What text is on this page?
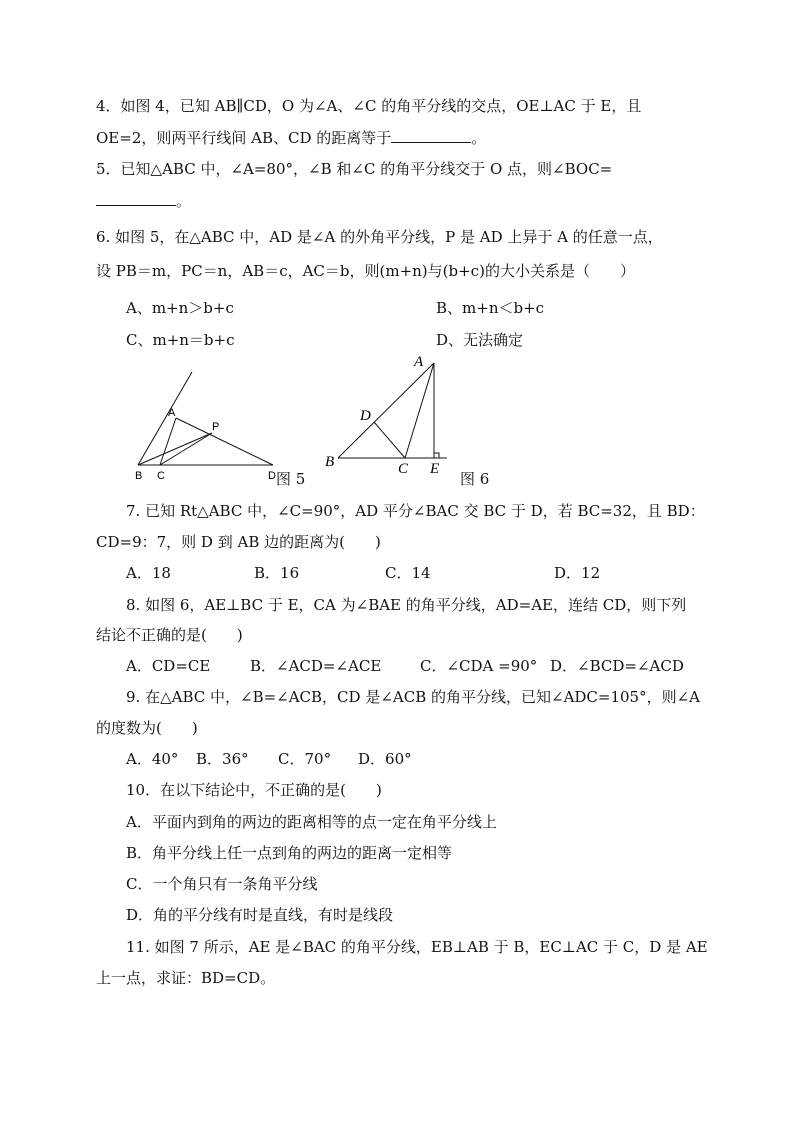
4．如图 4，已知 AB∥CD，O 为∠A、∠C 的角平分线的交点，OE⊥AC 于 E，且
OE=2，则两平行线间 AB、CD 的距离等于	。
5．已知△ABC 中，∠A=80°，∠B 和∠C 的角平分线交于 O 点，则∠BOC=
。
6. 如图 5，在△ABC 中，AD 是∠A 的外角平分线，P 是 AD 上异于 A 的任意一点，
设 PB＝m，PC＝n，AB＝c，AC＝b，则(m+n)与(b+c)的大小关系是（　　）
A、m+n＞b+c	B、m+n＜b+c
C、m+n＝b+c	D、无法确定
A
P
B C	D 图 5
A
D
B	C E
图 6
7. 已知 Rt△ABC 中，∠C=90°，AD 平分∠BAC 交 BC 于 D，若 BC=32，且 BD：
CD=9：7，则 D 到 AB 边的距离为(　　)
A．18	B．16	C．14	D．12
8. 如图 6，AE⊥BC 于 E，CA 为∠BAE 的角平分线，AD=AE，连结 CD，则下列
结论不正确的是(　　)
A．CD=CE	B．∠ACD=∠ACE	C．∠CDA =90° D．∠BCD=∠ACD
9. 在△ABC 中，∠B=∠ACB，CD 是∠ACB 的角平分线，已知∠ADC=105°，则∠A
的度数为(　　)
A．40° B．36° C．70° D．60°
10．在以下结论中，不正确的是(　　)
A．平面内到角的两边的距离相等的点一定在角平分线上
B．角平分线上任一点到角的两边的距离一定相等
C．一个角只有一条角平分线
D．角的平分线有时是直线，有时是线段
11. 如图 7 所示，AE 是∠BAC 的角平分线，EB⊥AB 于 B，EC⊥AC 于 C，D 是 AE
上一点，求证：BD=CD。
